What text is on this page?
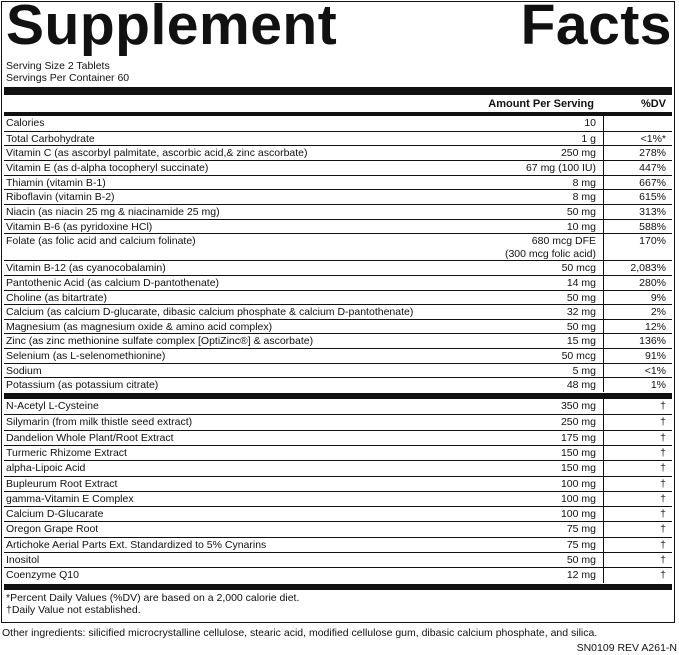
Supplement	Facts
Serving Size 2 Tablets
Servings Per Container 60
Amount Per Serving	%DV
Calories	10
Total Carbohydrate	1 g	<1%*
Vitamin C (as ascorbyl palmitate, ascorbic acid,& zinc ascorbate)	250 mg	278%
Vitamin E (as d-alpha tocopheryl succinate)	67 mg (100 IU)	447%
Thiamin (vitamin B-1)	8 mg	667%
Riboflavin (vitamin B-2)	8 mg	615%
Niacin (as niacin 25 mg & niacinamide 25 mg)	50 mg	313%
Vitamin B-6 (as pyridoxine HCl)	10 mg	588%
Folate (as folic acid and calcium folinate)	680 mcg DFE	170%
(300 mcg folic acid)
Vitamin B-12 (as cyanocobalamin)	50 mcg	2,083%
Pantothenic Acid (as calcium D-pantothenate)	14 mg	280%
Choline (as bitartrate)	50 mg	9%
Calcium (as calcium D-glucarate, dibasic calcium phosphate & calcium D-pantothenate)	32 mg	2%
Magnesium (as magnesium oxide & amino acid complex)	50 mg	12%
Zinc (as zinc methionine sulfate complex [OptiZinc®] & ascorbate)	15 mg	136%
Selenium (as L-selenomethionine)	50 mcg	91%
Sodium	5 mg	<1%
Potassium (as potassium citrate)	48 mg	1%
N-Acetyl L-Cysteine	350 mg	†
Silymarin (from milk thistle seed extract)	250 mg	†
Dandelion Whole Plant/Root Extract	175 mg	†
Turmeric Rhizome Extract	150 mg	†
alpha-Lipoic Acid	150 mg	†
Bupleurum Root Extract	100 mg	†
gamma-Vitamin E Complex	100 mg	†
Calcium D-Glucarate	100 mg	†
Oregon Grape Root	75 mg	†
Artichoke Aerial Parts Ext. Standardized to 5% Cynarins	75 mg	†
Inositol	50 mg	†
Coenzyme Q10	12 mg	†
*Percent Daily Values (%DV) are based on a 2,000 calorie diet.
†Daily Value not established.
Other ingredients: silicified microcrystalline cellulose, stearic acid, modified cellulose gum, dibasic calcium phosphate, and silica.
SN0109 REV A261-N
